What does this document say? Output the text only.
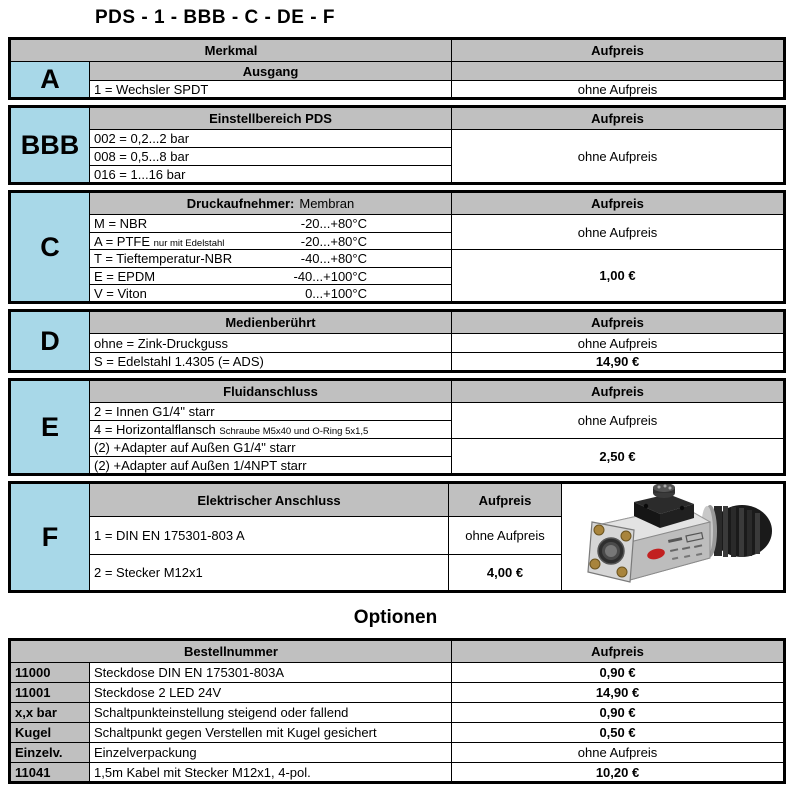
PDS - 1 - BBB - C - DE - F
Merkmal		Aufpreis
A	Ausgang	
	1 = Wechsler SPDT	ohne Aufpreis
BBB	Einstellbereich PDS	Aufpreis
	002 = 0,2...2 bar	ohne Aufpreis
	008 = 0,5...8 bar	
	016 = 1...16 bar	
C	Druckaufnehmer: Membran	Aufpreis

	M = NBR -20...+80°C	ohne Aufpreis

	A = PTFE nur mit Edelstahl -20...+80°C	

	T = Tieftemperatur-NBR -40...+80°C	1,00 €

	E = EPDM -40...+100°C	

	V = Viton 0...+100°C	
D	Medienberührt	Aufpreis
	ohne = Zink-Druckguss	ohne Aufpreis
	S = Edelstahl 1.4305 (= ADS)	14,90 €
E	Fluidanschluss	Aufpreis
	2 = Innen G1/4" starr	ohne Aufpreis
	4 = Horizontalflansch Schraube M5x40 und O-Ring 5x1,5	
	(2) +Adapter auf Außen G1/4" starr	2,50 €
	(2) +Adapter auf Außen 1/4NPT starr	
F	Elektrischer Anschluss	Aufpreis	
	1 = DIN EN 175301-803 A	ohne Aufpreis	
	2 = Stecker M12x1	4,00 €	
Optionen
Bestellnummer		Aufpreis
11000	Steckdose DIN EN 175301-803A	0,90 €
11001	Steckdose 2 LED 24V	14,90 €
x,x bar	Schaltpunkteinstellung steigend oder fallend	0,90 €
Kugel	Schaltpunkt gegen Verstellen mit Kugel gesichert	0,50 €
Einzelv.	Einzelverpackung	ohne Aufpreis
11041	1,5m Kabel mit Stecker M12x1, 4-pol.	10,20 €
